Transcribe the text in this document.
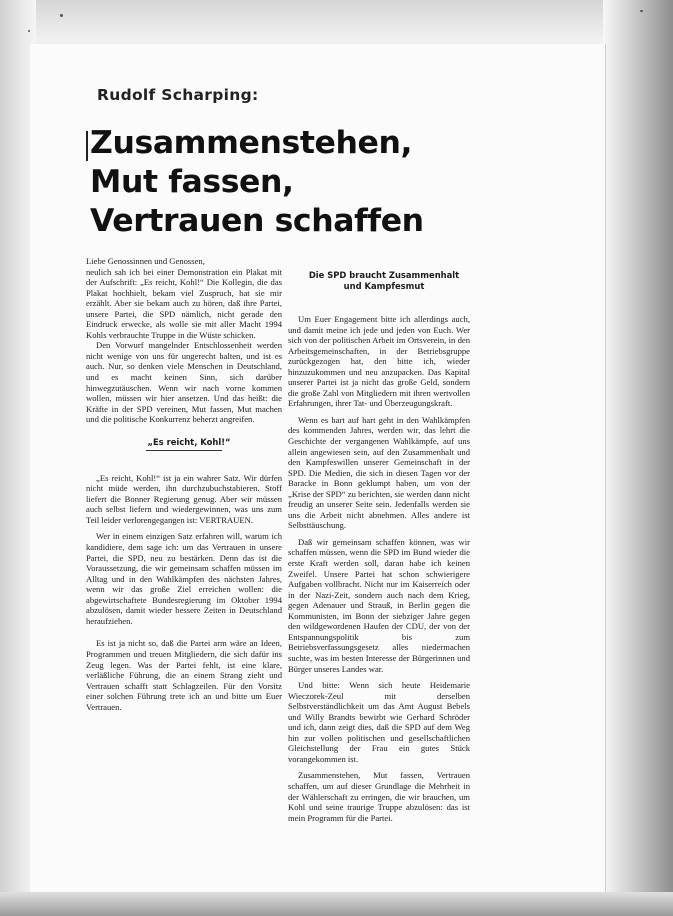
Rudolf Scharping:
Zusammenstehen,
Mut fassen,
Vertrauen schaffen

Liebe Genossinnen und Genossen,

neulich sah ich bei einer Demonstration ein Plakat mit der Aufschrift: „Es reicht, Kohl!“ Die Kollegin, die das Plakat hochhielt, bekam viel Zuspruch, hat sie mir erzählt. Aber sie bekam auch zu hören, daß ihre Partei, unsere Partei, die SPD nämlich, nicht gerade den Eindruck erwecke, als wolle sie mit aller Macht 1994 Kohls verbrauchte Truppe in die Wüste schicken.

Den Vorwurf mangelnder Entschlossenheit werden nicht wenige von uns für ungerecht halten, und ist es auch. Nur, so denken viele Menschen in Deutschland, und es macht keinen Sinn, sich darüber hinwegzutäuschen. Wenn wir nach vorne kommen wollen, müssen wir hier ansetzen. Und das heißt: die Kräfte in der SPD vereinen, Mut fassen, Mut machen und die politische Konkurrenz beherzt angreifen.

„Es reicht, Kohl!“

„Es reicht, Kohl!“ ist ja ein wahrer Satz. Wir dürfen nicht müde werden, ihn durchzubuchstabieren. Stoff liefert die Bonner Regierung genug. Aber wir müssen auch selbst liefern und wiedergewinnen, was uns zum Teil leider verlorengegangen ist: VERTRAUEN.

Wer in einem einzigen Satz erfahren will, warum ich kandidiere, dem sage ich: um das Vertrauen in unsere Partei, die SPD, neu zu bestärken. Denn das ist die Voraussetzung, die wir gemeinsam schaffen müssen im Alltag und in den Wahlkämpfen des nächsten Jahres, wenn wir das große Ziel erreichen wollen: die abgewirtschaftete Bundesregierung im Oktober 1994 abzulösen, damit wieder bessere Zeiten in Deutschland heraufziehen.

Es ist ja nicht so, daß die Partei arm wäre an Ideen, Programmen und treuen Mitgliedern, die sich dafür ins Zeug legen. Was der Partei fehlt, ist eine klare, verläßliche Führung, die an einem Strang zieht und Vertrauen schafft statt Schlagzeilen. Für den Vorsitz einer solchen Führung trete ich an und bitte um Euer Vertrauen.

Die SPD braucht Zusammenhalt

und Kampfesmut

Um Euer Engagement bitte ich allerdings auch, und damit meine ich jede und jeden von Euch. Wer sich von der politischen Arbeit im Ortsverein, in den Arbeitsgemeinschaften, in der Betriebsgruppe zurückgezogen hat, den bitte ich, wieder hinzuzukommen und neu anzupacken. Das Kapital unserer Partei ist ja nicht das große Geld, sondern die große Zahl von Mitgliedern mit ihren wertvollen Erfahrungen, ihrer Tat- und Überzeugungskraft.

Wenn es hart auf hart geht in den Wahlkämpfen des kommenden Jahres, werden wir, das lehrt die Geschichte der vergangenen Wahlkämpfe, auf uns allein angewiesen sein, auf den Zusammenhalt und den Kampfeswillen unserer Gemeinschaft in der SPD. Die Medien, die sich in diesen Tagen vor der Baracke in Bonn geklumpt haben, um von der „Krise der SPD“ zu berichten, sie werden dann nicht freudig an unserer Seite sein. Jedenfalls werden sie uns die Arbeit nicht abnehmen. Alles andere ist Selbsttäuschung.

Daß wir gemeinsam schaffen können, was wir schaffen müssen, wenn die SPD im Bund wieder die erste Kraft werden soll, daran habe ich keinen Zweifel. Unsere Partei hat schon schwierigere Aufgaben vollbracht. Nicht nur im Kaiserreich oder in der Nazi-Zeit, sondern auch nach dem Krieg, gegen Adenauer und Strauß, in Berlin gegen die Kommunisten, im Bonn der siebziger Jahre gegen den wildgewordenen Haufen der CDU, der von der Entspannungspolitik bis zum Betriebsverfassungsgesetz alles niedermachen suchte, was im besten Interesse der Bürgerinnen und Bürger unseres Landes war.

Und bitte: Wenn sich heute Heidemarie Wieczorek-Zeul mit derselben Selbstverständlichkeit um das Amt August Bebels und Willy Brandts bewirbt wie Gerhard Schröder und ich, dann zeigt dies, daß die SPD auf dem Weg hin zur vollen politischen und gesellschaftlichen Gleichstellung der Frau ein gutes Stück vorangekommen ist.

Zusammenstehen, Mut fassen, Vertrauen schaffen, um auf dieser Grundlage die Mehrheit in der Wählerschaft zu erringen, die wir brauchen, um Kohl und seine traurige Truppe abzulösen: das ist mein Programm für die Partei.
